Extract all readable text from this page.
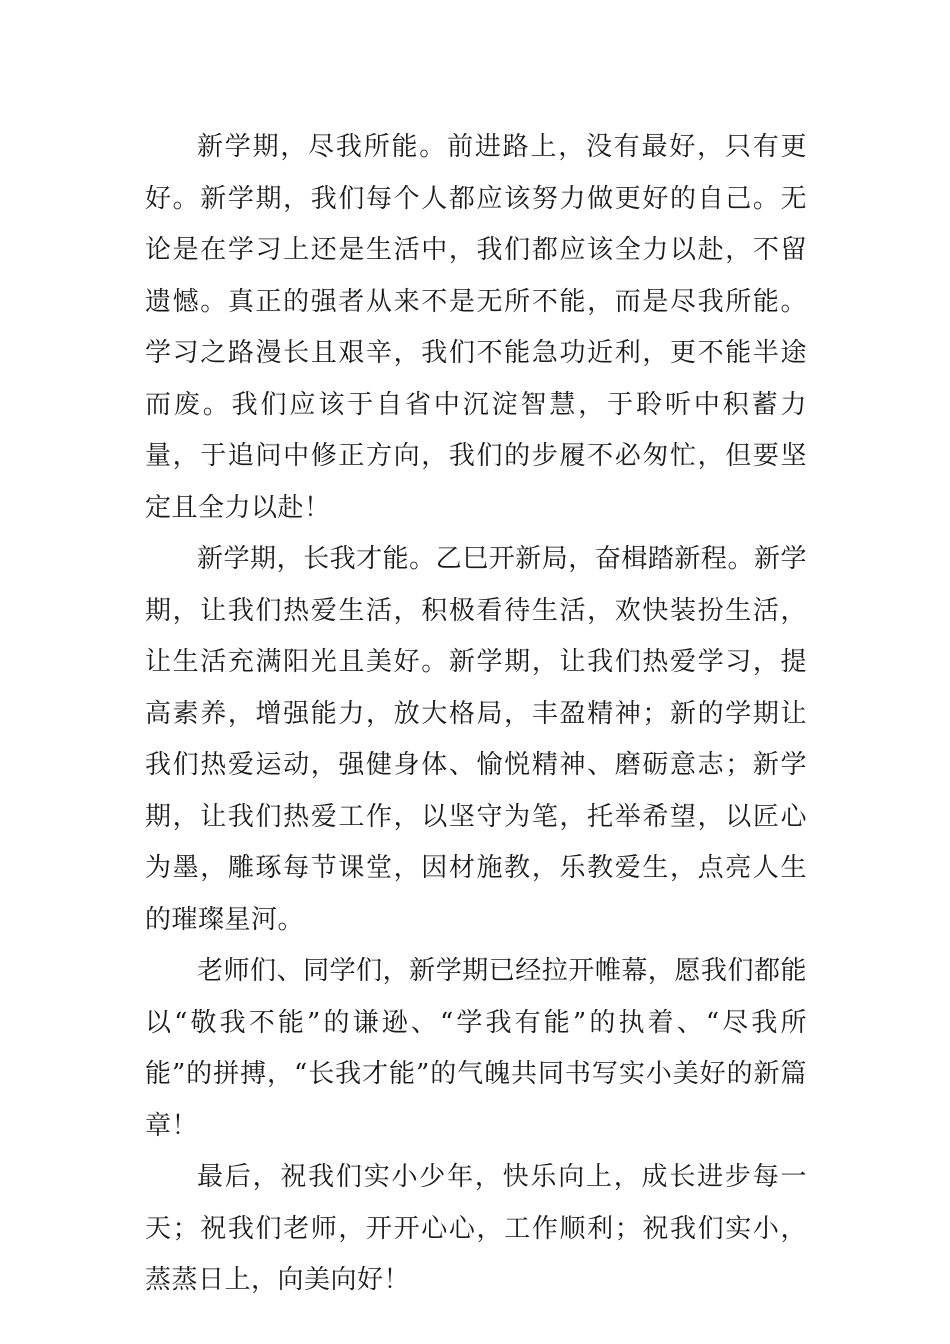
新学期，尽我所能。前进路上，没有最好，只有更好。新学期，我们每个人都应该努力做更好的自己。无论是在学习上还是生活中，我们都应该全力以赴，不留遗憾。真正的强者从来不是无所不能，而是尽我所能。学习之路漫长且艰辛，我们不能急功近利，更不能半途而废。我们应该于自省中沉淀智慧，于聆听中积蓄力量，于追问中修正方向，我们的步履不必匆忙，但要坚定且全力以赴！

新学期，长我才能。乙巳开新局，奋楫踏新程。新学期，让我们热爱生活，积极看待生活，欢快装扮生活，让生活充满阳光且美好。新学期，让我们热爱学习，提高素养，增强能力，放大格局，丰盈精神；新的学期让我们热爱运动，强健身体、愉悦精神、磨砺意志；新学期，让我们热爱工作，以坚守为笔，托举希望，以匠心为墨，雕琢每节课堂，因材施教，乐教爱生，点亮人生的璀璨星河。

老师们、同学们，新学期已经拉开帷幕，愿我们都能以“敬我不能”的谦逊、“学我有能”的执着、“尽我所能”的拼搏，“长我才能”的气魄共同书写实小美好的新篇章！

最后，祝我们实小少年，快乐向上，成长进步每一天；祝我们老师，开开心心，工作顺利；祝我们实小，蒸蒸日上，向美向好！
